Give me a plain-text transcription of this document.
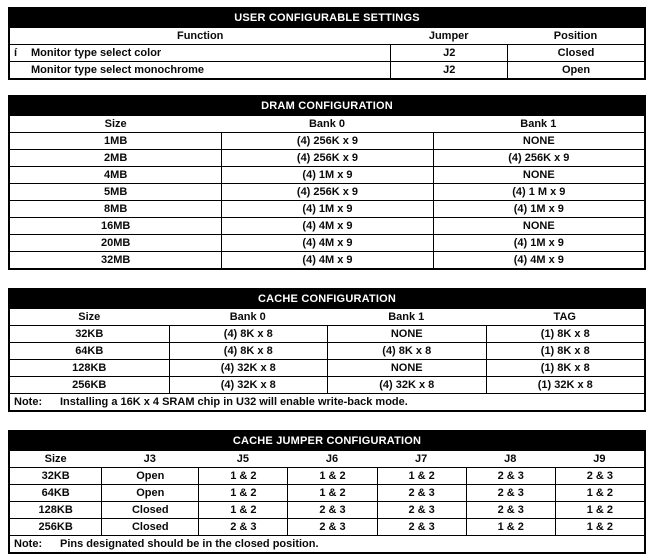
USER CONFIGURABLE SETTINGS
Function	Jumper	Position
í	Monitor type select color	J2	Closed
Monitor type select monochrome	J2	Open
DRAM CONFIGURATION
Size	Bank 0	Bank 1
1MB	(4) 256K x 9	NONE
2MB	(4) 256K x 9	(4) 256K x 9
4MB	(4) 1M x 9	NONE
5MB	(4) 256K x 9	(4) 1 M x 9
8MB	(4) 1M x 9	(4) 1M x 9
16MB	(4) 4M x 9	NONE
20MB	(4) 4M x 9	(4) 1M x 9
32MB	(4) 4M x 9	(4) 4M x 9
CACHE CONFIGURATION
Size	Bank 0	Bank 1	TAG
32KB	(4) 8K x 8	NONE	(1) 8K x 8
64KB	(4) 8K x 8	(4) 8K x 8	(1) 8K x 8
128KB	(4) 32K x 8	NONE	(1) 8K x 8
256KB	(4) 32K x 8	(4) 32K x 8	(1) 32K x 8
Note: Installing a 16K x 4 SRAM chip in U32 will enable write-back mode.
CACHE JUMPER CONFIGURATION
Size	J3	J5	J6	J7	J8	J9
32KB	Open	1 & 2	1 & 2	1 & 2	2 & 3	2 & 3
64KB	Open	1 & 2	1 & 2	2 & 3	2 & 3	1 & 2
128KB	Closed	1 & 2	2 & 3	2 & 3	2 & 3	1 & 2
256KB	Closed	2 & 3	2 & 3	2 & 3	1 & 2	1 & 2
Note: Pins designated should be in the closed position.
